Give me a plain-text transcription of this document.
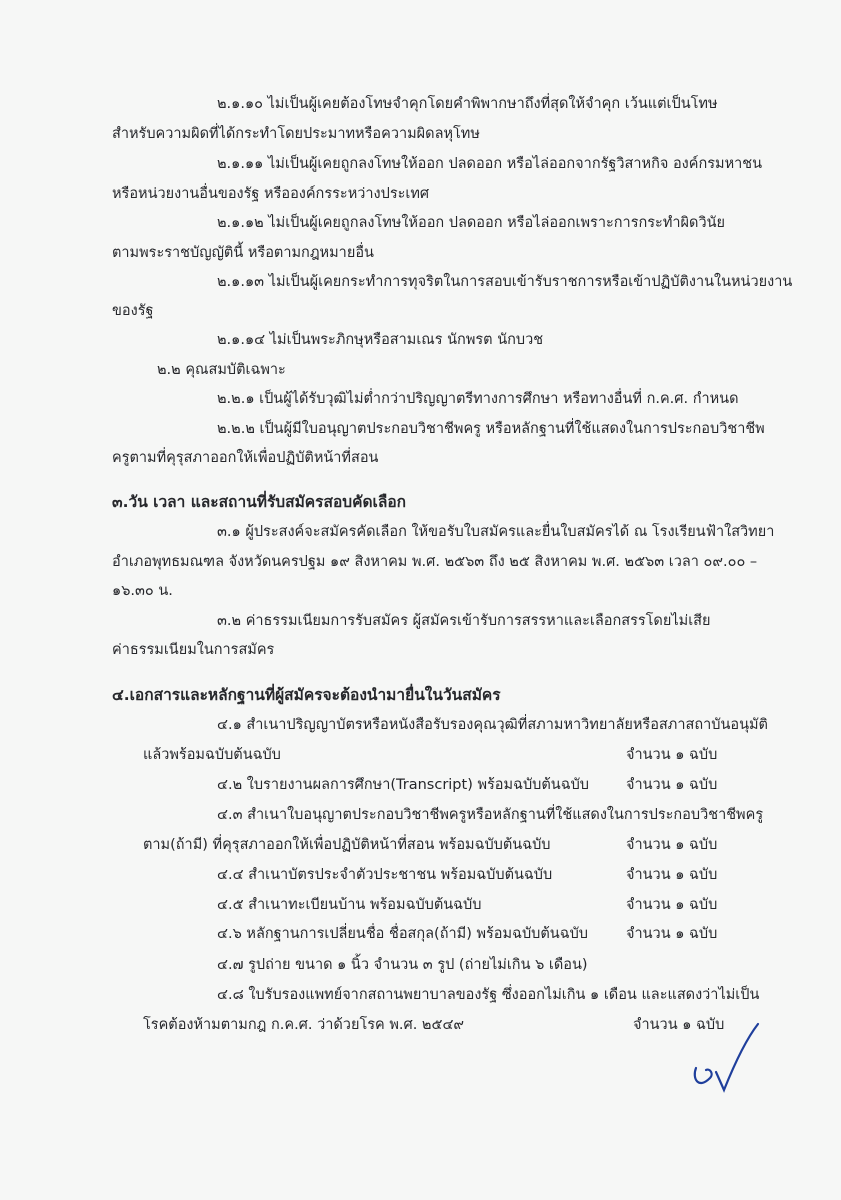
๒.๑.๑๐ ไม่เป็นผู้เคยต้องโทษจำคุกโดยคำพิพากษาถึงที่สุดให้จำคุก เว้นแต่เป็นโทษ
สำหรับความผิดที่ได้กระทำโดยประมาทหรือความผิดลหุโทษ
๒.๑.๑๑ ไม่เป็นผู้เคยถูกลงโทษให้ออก ปลดออก หรือไล่ออกจากรัฐวิสาหกิจ องค์กรมหาชน
หรือหน่วยงานอื่นของรัฐ หรือองค์กรระหว่างประเทศ
๒.๑.๑๒ ไม่เป็นผู้เคยถูกลงโทษให้ออก ปลดออก หรือไล่ออกเพราะการกระทำผิดวินัย
ตามพระราชบัญญัตินี้ หรือตามกฎหมายอื่น
๒.๑.๑๓ ไม่เป็นผู้เคยกระทำการทุจริตในการสอบเข้ารับราชการหรือเข้าปฏิบัติงานในหน่วยงาน
ของรัฐ
๒.๑.๑๔ ไม่เป็นพระภิกษุหรือสามเณร นักพรต นักบวช
๒.๒ คุณสมบัติเฉพาะ
๒.๒.๑ เป็นผู้ได้รับวุฒิไม่ต่ำกว่าปริญญาตรีทางการศึกษา หรือทางอื่นที่ ก.ค.ศ. กำหนด
๒.๒.๒ เป็นผู้มีใบอนุญาตประกอบวิชาชีพครู หรือหลักฐานที่ใช้แสดงในการประกอบวิชาชีพ
ครูตามที่คุรุสภาออกให้เพื่อปฏิบัติหน้าที่สอน
๓.วัน เวลา และสถานที่รับสมัครสอบคัดเลือก
๓.๑ ผู้ประสงค์จะสมัครคัดเลือก ให้ขอรับใบสมัครและยื่นใบสมัครได้ ณ โรงเรียนฟ้าใสวิทยา
อำเภอพุทธมณฑล จังหวัดนครปฐม ๑๙ สิงหาคม พ.ศ. ๒๕๖๓ ถึง ๒๕ สิงหาคม พ.ศ. ๒๕๖๓ เวลา ๐๙.๐๐ –
๑๖.๓๐ น.
๓.๒ ค่าธรรมเนียมการรับสมัคร ผู้สมัครเข้ารับการสรรหาและเลือกสรรโดยไม่เสีย
ค่าธรรมเนียมในการสมัคร
๔.เอกสารและหลักฐานที่ผู้สมัครจะต้องนำมายื่นในวันสมัคร
๔.๑ สำเนาปริญญาบัตรหรือหนังสือรับรองคุณวุฒิที่สภามหาวิทยาลัยหรือสภาสถาบันอนุมัติ
แล้วพร้อมฉบับต้นฉบับ	จำนวน ๑ ฉบับ
๔.๒ ใบรายงานผลการศึกษา(Transcript) พร้อมฉบับต้นฉบับ	จำนวน ๑ ฉบับ
๔.๓ สำเนาใบอนุญาตประกอบวิชาชีพครูหรือหลักฐานที่ใช้แสดงในการประกอบวิชาชีพครู
ตาม(ถ้ามี) ที่คุรุสภาออกให้เพื่อปฏิบัติหน้าที่สอน พร้อมฉบับต้นฉบับ	จำนวน ๑ ฉบับ
๔.๔ สำเนาบัตรประจำตัวประชาชน พร้อมฉบับต้นฉบับ	จำนวน ๑ ฉบับ
๔.๕ สำเนาทะเบียนบ้าน พร้อมฉบับต้นฉบับ	จำนวน ๑ ฉบับ
๔.๖ หลักฐานการเปลี่ยนชื่อ ชื่อสกุล(ถ้ามี) พร้อมฉบับต้นฉบับ	จำนวน ๑ ฉบับ
๔.๗ รูปถ่าย ขนาด ๑ นิ้ว จำนวน ๓ รูป (ถ่ายไม่เกิน ๖ เดือน)
๔.๘ ใบรับรองแพทย์จากสถานพยาบาลของรัฐ ซึ่งออกไม่เกิน ๑ เดือน และแสดงว่าไม่เป็น
โรคต้องห้ามตามกฎ ก.ค.ศ. ว่าด้วยโรค พ.ศ. ๒๕๔๙	จำนวน ๑ ฉบับ
